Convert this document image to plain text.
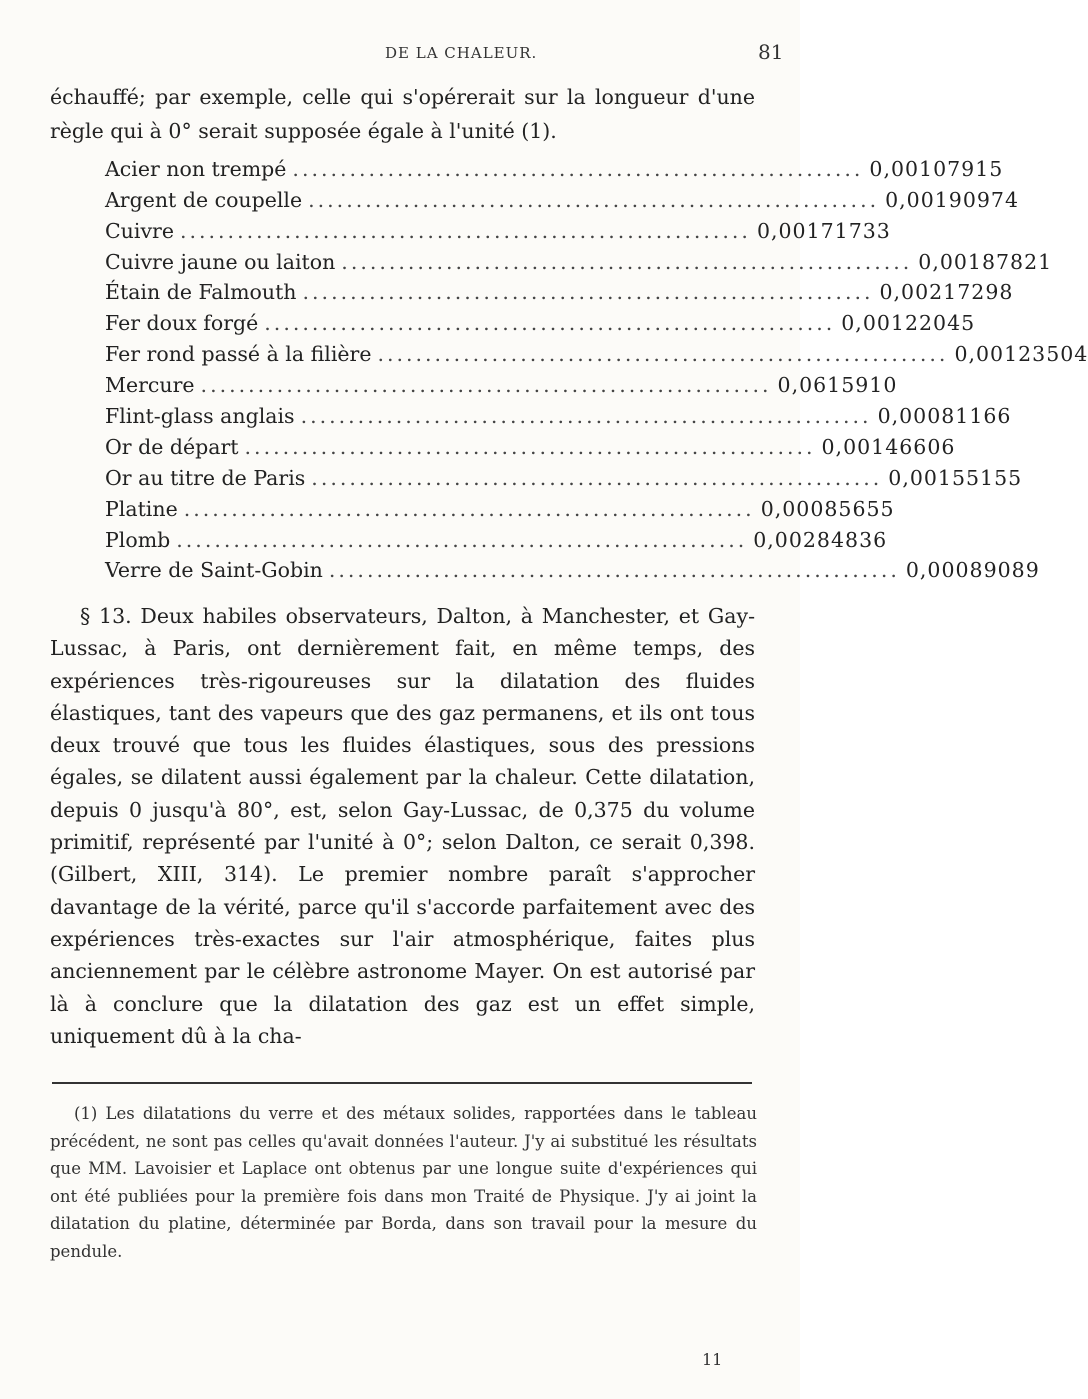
DE LA CHALEUR.	81
échauffé; par exemple, celle qui s'opérerait sur la longueur d'une règle qui à 0° serait supposée égale à l'unité (1).
Acier non trempé ............................................................ 0,00107915
Argent de coupelle ............................................................ 0,00190974
Cuivre ............................................................ 0,00171733
Cuivre jaune ou laiton ............................................................ 0,00187821
Étain de Falmouth ............................................................ 0,00217298
Fer doux forgé ............................................................ 0,00122045
Fer rond passé à la filière ............................................................ 0,00123504
Mercure ............................................................ 0,0615910
Flint-glass anglais ............................................................ 0,00081166
Or de départ ............................................................ 0,00146606
Or au titre de Paris ............................................................ 0,00155155
Platine ............................................................ 0,00085655
Plomb ............................................................ 0,00284836
Verre de Saint-Gobin ............................................................ 0,00089089

§ 13. Deux habiles observateurs, Dalton, à Manchester, et Gay-Lussac, à Paris, ont dernièrement fait, en même temps, des expériences très-rigoureuses sur la dilatation des fluides élastiques, tant des vapeurs que des gaz permanens, et ils ont tous deux trouvé que tous les fluides élastiques, sous des pressions égales, se dilatent aussi également par la chaleur. Cette dilatation, depuis 0 jusqu'à 80°, est, selon Gay-Lussac, de 0,375 du volume primitif, représenté par l'unité à 0°; selon Dalton, ce serait 0,398. (Gilbert, XIII, 314). Le premier nombre paraît s'approcher davantage de la vérité, parce qu'il s'accorde parfaitement avec des expériences très-exactes sur l'air atmosphérique, faites plus anciennement par le célèbre astronome Mayer. On est autorisé par là à conclure que la dilatation des gaz est un effet simple, uniquement dû à la cha-

(1) Les dilatations du verre et des métaux solides, rapportées dans le tableau précédent, ne sont pas celles qu'avait données l'auteur. J'y ai substitué les résultats que MM. Lavoisier et Laplace ont obtenus par une longue suite d'expériences qui ont été publiées pour la première fois dans mon Traité de Physique. J'y ai joint la dilatation du platine, déterminée par Borda, dans son travail pour la mesure du pendule.

11
